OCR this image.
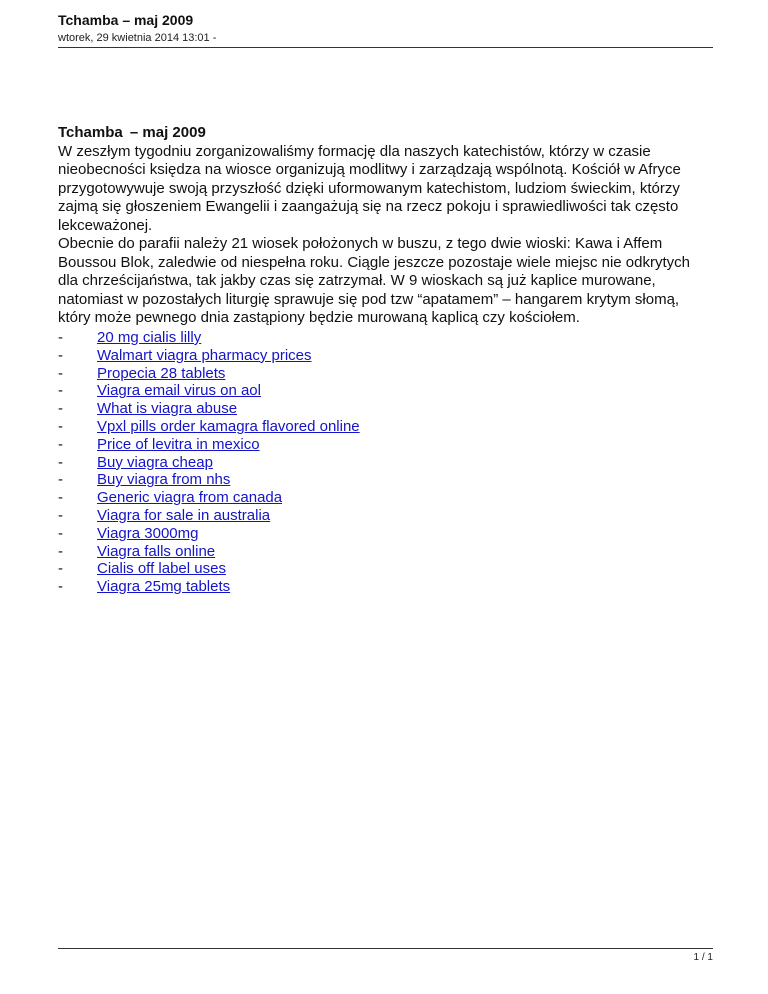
Tchamba – maj 2009
wtorek, 29 kwietnia 2014 13:01 -
Tchamba  – maj 2009

W zeszłym tygodniu zorganizowaliśmy formację dla naszych katechistów, którzy w czasie nieobecności księdza na wiosce organizują modlitwy i zarządzają wspólnotą. Kościół w Afryce przygotowywuje swoją przyszłość dzięki uformowanym katechistom, ludziom świeckim, którzy zajmą się głoszeniem Ewangelii i zaangażują się na rzecz pokoju i sprawiedliwości tak często lekceważonej.

Obecnie do parafii należy 21 wiosek położonych w buszu, z tego dwie wioski: Kawa i Affem Boussou Blok, zaledwie od niespełna roku. Ciągle jeszcze pozostaje wiele miejsc nie odkrytych dla chrześcijaństwa, tak jakby czas się zatrzymał. W 9 wioskach są już kaplice murowane, natomiast w pozostałych liturgię sprawuje się pod tzw “apatamem” – hangarem krytym słomą, który może pewnego dnia zastąpiony będzie murowaną kaplicą czy kościołem.

-	20 mg cialis lilly
-	Walmart viagra pharmacy prices
-	Propecia 28 tablets
-	Viagra email virus on aol
-	What is viagra abuse
-	Vpxl pills order kamagra flavored online
-	Price of levitra in mexico
-	Buy viagra cheap
-	Buy viagra from nhs
-	Generic viagra from canada
-	Viagra for sale in australia
-	Viagra 3000mg
-	Viagra falls online
-	Cialis off label uses
-	Viagra 25mg tablets
1 / 1
